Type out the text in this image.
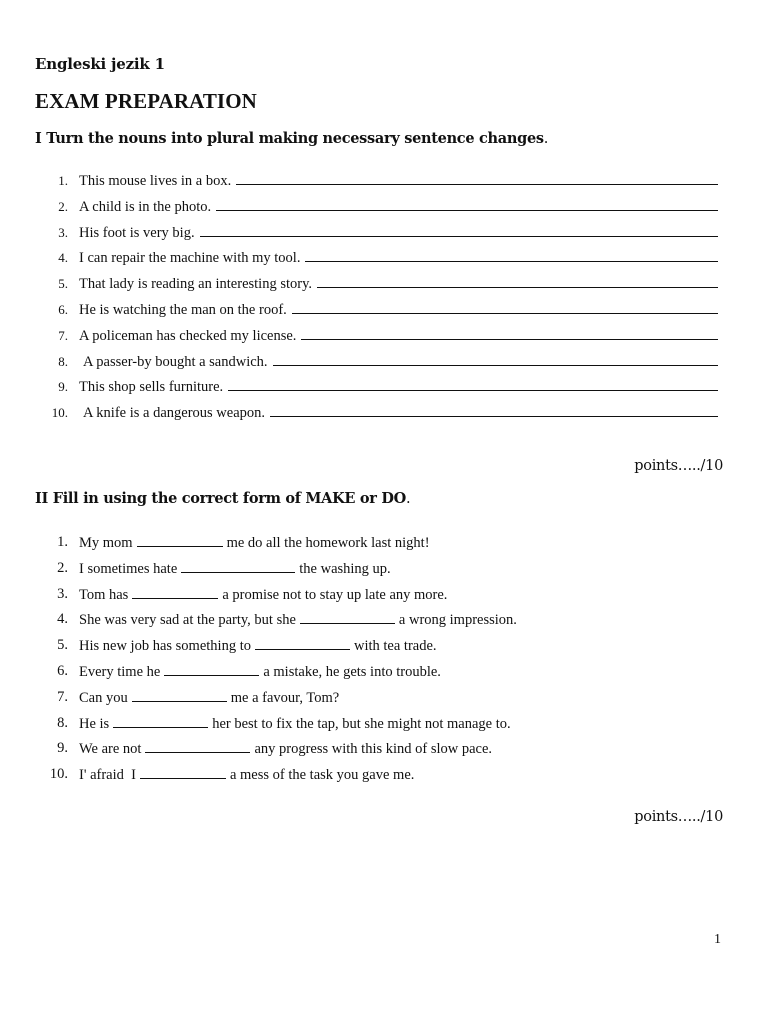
Engleski jezik 1
EXAM PREPARATION
I Turn the nouns into plural making necessary sentence changes.
1. This mouse lives in a box.
2. A child is in the photo.
3. His foot is very big.
4. I can repair the machine with my tool.
5. That lady is reading an interesting story.
6. He is watching the man on the roof.
7. A policeman has checked my license.
8. A passer-by bought a sandwich.
9. This shop sells furniture.
10. A knife is a dangerous weapon.
points…../10
II Fill in using the correct form of MAKE or DO.
1. My mom	me do all the homework last night!
2. I sometimes hate	the washing up.
3. Tom has	a promise not to stay up late any more.
4. She was very sad at the party, but she	a wrong impression.
5. His new job has something to	with tea trade.
6. Every time he	a mistake, he gets into trouble.
7. Can you	me a favour, Tom?
8. He is	her best to fix the tap, but she might not manage to.
9. We are not	any progress with this kind of slow pace.
10. I' afraid  I	a mess of the task you gave me.
points…../10
1
